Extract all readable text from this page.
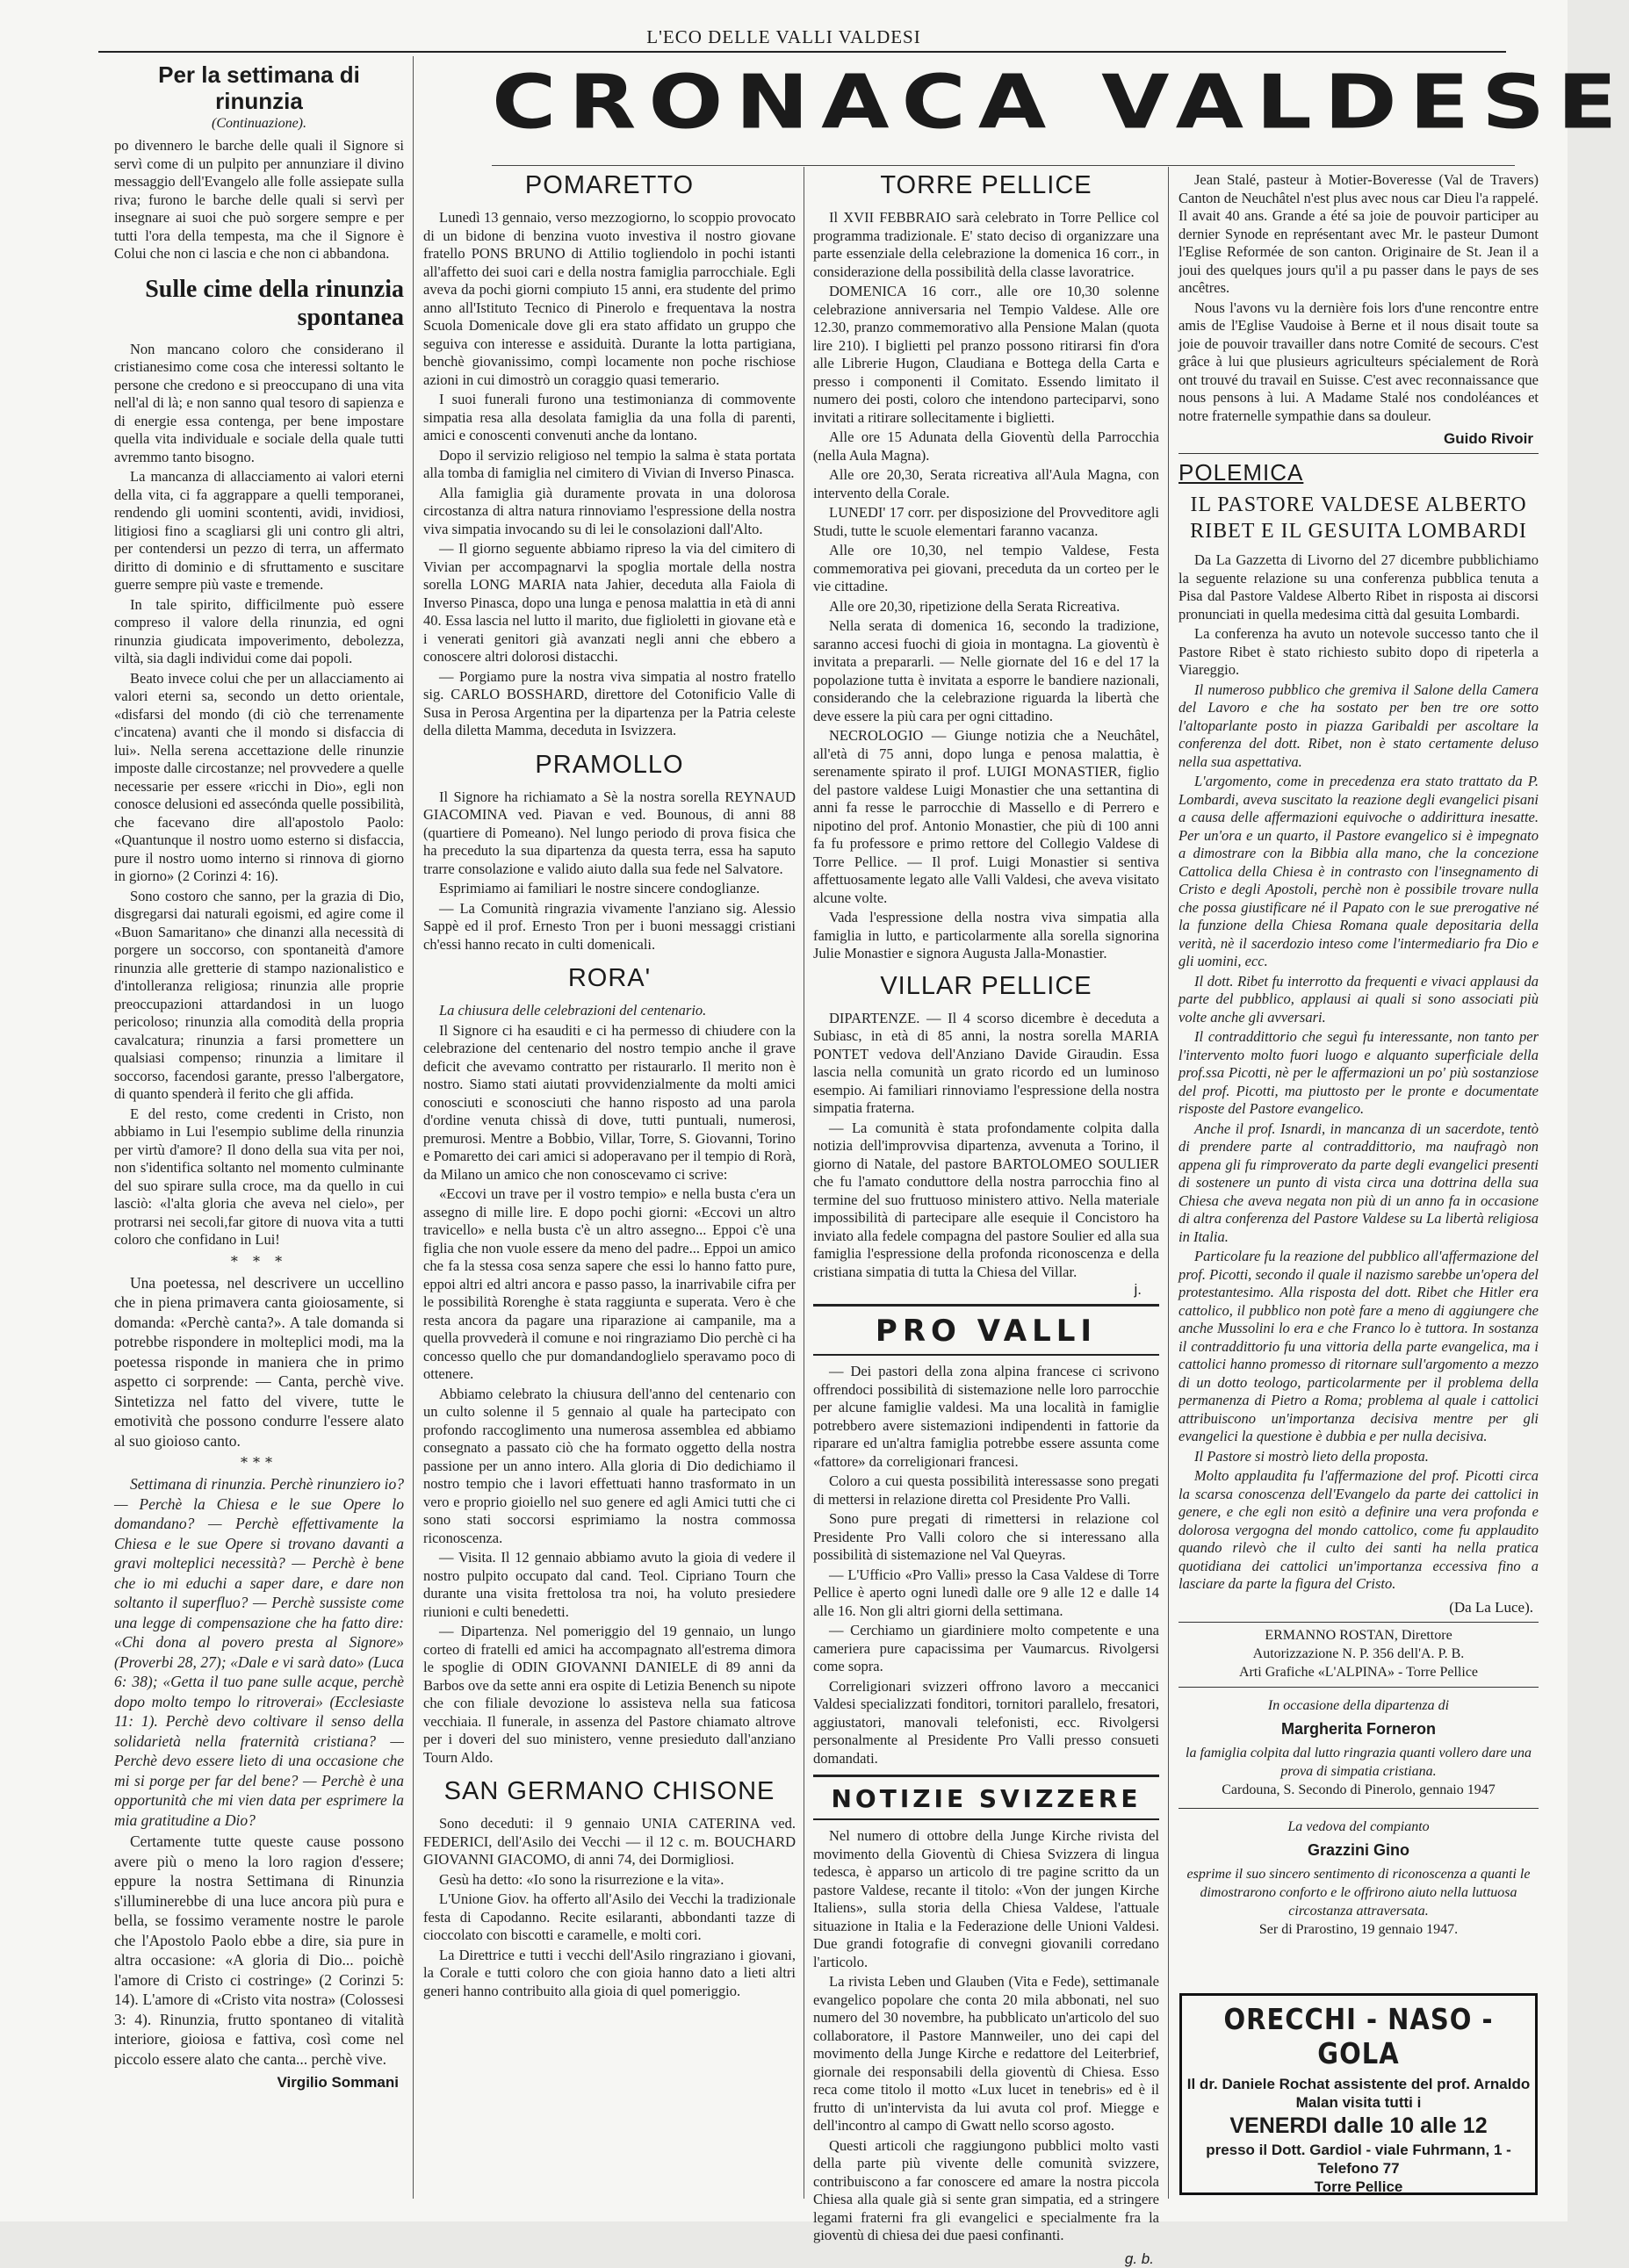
L'ECO DELLE VALLI VALDESI
CRONACA VALDESE
Per la settimana di rinunzia
(Continuazione).

po divennero le barche delle quali il Signore si servì come di un pulpito per annunziare il divino messaggio dell'Evangelo alle folle assiepate sulla riva; furono le barche delle quali si servì per insegnare ai suoi che può sorgere sempre e per tutti l'ora della tempesta, ma che il Signore è Colui che non ci lascia e che non ci abbandona.

Sulle cime della rinunzia spontanea

Non mancano coloro che considerano il cristianesimo come cosa che interessi soltanto le persone che credono e si preoccupano di una vita nell'al di là; e non sanno qual tesoro di sapienza e di energie essa contenga, per bene impostare quella vita individuale e sociale della quale tutti avremmo tanto bisogno.

La mancanza di allacciamento ai valori eterni della vita, ci fa aggrappare a quelli temporanei, rendendo gli uomini scontenti, avidi, invidiosi, litigiosi fino a scagliarsi gli uni contro gli altri, per contendersi un pezzo di terra, un affermato diritto di dominio e di sfruttamento e suscitare guerre sempre più vaste e tremende.

In tale spirito, difficilmente può essere compreso il valore della rinunzia, ed ogni rinunzia giudicata impoverimento, debolezza, viltà, sia dagli individui come dai popoli.

Beato invece colui che per un allacciamento ai valori eterni sa, secondo un detto orientale, «disfarsi del mondo (di ciò che terrenamente c'incatena) avanti che il mondo si disfaccia di lui». Nella serena accettazione delle rinunzie imposte dalle circostanze; nel provvedere a quelle necessarie per essere «ricchi in Dio», egli non conosce delusioni ed assecónda quelle possibilità, che facevano dire all'apostolo Paolo: «Quantunque il nostro uomo esterno si disfaccia, pure il nostro uomo interno si rinnova di giorno in giorno» (2 Corinzi 4: 16).

Sono costoro che sanno, per la grazia di Dio, disgregarsi dai naturali egoismi, ed agire come il «Buon Samaritano» che dinanzi alla necessità di porgere un soccorso, con spontaneità d'amore rinunzia alle gretterie di stampo nazionalistico e d'intolleranza religiosa; rinunzia alle proprie preoccupazioni attardandosi in un luogo pericoloso; rinunzia alla comodità della propria cavalcatura; rinunzia a farsi promettere un qualsiasi compenso; rinunzia a limitare il soccorso, facendosi garante, presso l'albergatore, di quanto spenderà il ferito che gli affida.

E del resto, come credenti in Cristo, non abbiamo in Lui l'esempio sublime della rinunzia per virtù d'amore? Il dono della sua vita per noi, non s'identifica soltanto nel momento culminante del suo spirare sulla croce, ma da quello in cui lasciò: «l'alta gloria che aveva nel cielo», per protrarsi nei secoli,far gitore di nuova vita a tutti coloro che confidano in Lui!

* * *

Una poetessa, nel descrivere un uccellino che in piena primavera canta gioiosamente, si domanda: «Perchè canta?». A tale domanda si potrebbe rispondere in molteplici modi, ma la poetessa risponde in maniera che in primo aspetto ci sorprende: — Canta, perchè vive. Sintetizza nel fatto del vivere, tutte le emotività che possono condurre l'essere alato al suo gioioso canto.

***

Settimana di rinunzia. Perchè rinunziero io? — Perchè la Chiesa e le sue Opere lo domandano? — Perchè effettivamente la Chiesa e le sue Opere si trovano davanti a gravi molteplici necessità? — Perchè è bene che io mi educhi a saper dare, e dare non soltanto il superfluo? — Perchè sussiste come una legge di compensazione che ha fatto dire: «Chi dona al povero presta al Signore» (Proverbi 28, 27); «Dale e vi sarà dato» (Luca 6: 38); «Getta il tuo pane sulle acque, perchè dopo molto tempo lo ritroverai» (Ecclesiaste 11: 1). Perchè devo coltivare il senso della solidarietà nella fraternità cristiana? — Perchè devo essere lieto di una occasione che mi si porge per far del bene? — Perchè è una opportunità che mi vien data per esprimere la mia gratitudine a Dio?

Certamente tutte queste cause possono avere più o meno la loro ragion d'essere; eppure la nostra Settimana di Rinunzia s'illuminerebbe di una luce ancora più pura e bella, se fossimo veramente nostre le parole che l'Apostolo Paolo ebbe a dire, sia pure in altra occasione: «A gloria di Dio... poichè l'amore di Cristo ci costringe» (2 Corinzi 5: 14). L'amore di «Cristo vita nostra» (Colossesi 3: 4). Rinunzia, frutto spontaneo di vitalità interiore, gioiosa e fattiva, così come nel piccolo essere alato che canta... perchè vive.

Virgilio Sommani
POMARETTO

Lunedì 13 gennaio, verso mezzogiorno, lo scoppio provocato di un bidone di benzina vuoto investiva il nostro giovane fratello PONS BRUNO di Attilio togliendolo in pochi istanti all'affetto dei suoi cari e della nostra famiglia parrocchiale. Egli aveva da pochi giorni compiuto 15 anni, era studente del primo anno all'Istituto Tecnico di Pinerolo e frequentava la nostra Scuola Domenicale dove gli era stato affidato un gruppo che seguiva con interesse e assiduità. Durante la lotta partigiana, benchè giovanissimo, compì locamente non poche rischiose azioni in cui dimostrò un coraggio quasi temerario.

I suoi funerali furono una testimonianza di commovente simpatia resa alla desolata famiglia da una folla di parenti, amici e conoscenti convenuti anche da lontano.

Dopo il servizio religioso nel tempio la salma è stata portata alla tomba di famiglia nel cimitero di Vivian di Inverso Pinasca.

Alla famiglia già duramente provata in una dolorosa circostanza di altra natura rinnoviamo l'espressione della nostra viva simpatia invocando su di lei le consolazioni dall'Alto.

— Il giorno seguente abbiamo ripreso la via del cimitero di Vivian per accompagnarvi la spoglia mortale della nostra sorella LONG MARIA nata Jahier, deceduta alla Faiola di Inverso Pinasca, dopo una lunga e penosa malattia in età di anni 40. Essa lascia nel lutto il marito, due figlioletti in giovane età e i venerati genitori già avanzati negli anni che ebbero a conoscere altri dolorosi distacchi.

— Porgiamo pure la nostra viva simpatia al nostro fratello sig. CARLO BOSSHARD, direttore del Cotonificio Valle di Susa in Perosa Argentina per la dipartenza per la Patria celeste della diletta Mamma, deceduta in Isvizzera.

PRAMOLLO

Il Signore ha richiamato a Sè la nostra sorella REYNAUD GIACOMINA ved. Piavan e ved. Bounous, di anni 88 (quartiere di Pomeano). Nel lungo periodo di prova fisica che ha preceduto la sua dipartenza da questa terra, essa ha saputo trarre consolazione e valido aiuto dalla sua fede nel Salvatore.

Esprimiamo ai familiari le nostre sincere condoglianze.

— La Comunità ringrazia vivamente l'anziano sig. Alessio Sappè ed il prof. Ernesto Tron per i buoni messaggi cristiani ch'essi hanno recato in culti domenicali.

RORA'

La chiusura delle celebrazioni del centenario.

Il Signore ci ha esauditi e ci ha permesso di chiudere con la celebrazione del centenario del nostro tempio anche il grave deficit che avevamo contratto per ristaurarlo. Il merito non è nostro. Siamo stati aiutati provvidenzialmente da molti amici conosciuti e sconosciuti che hanno risposto ad una parola d'ordine venuta chissà di dove, tutti puntuali, numerosi, premurosi. Mentre a Bobbio, Villar, Torre, S. Giovanni, Torino e Pomaretto dei cari amici si adoperavano per il tempio di Rorà, da Milano un amico che non conoscevamo ci scrive:

«Eccovi un trave per il vostro tempio» e nella busta c'era un assegno di mille lire. E dopo pochi giorni: «Eccovi un altro travicello» e nella busta c'è un altro assegno... Eppoi c'è una figlia che non vuole essere da meno del padre... Eppoi un amico che fa la stessa cosa senza sapere che essi lo hanno fatto pure, eppoi altri ed altri ancora e passo passo, la inarrivabile cifra per le possibilità Rorenghe è stata raggiunta e superata. Vero è che resta ancora da pagare una riparazione ai campanile, ma a quella provvederà il comune e noi ringraziamo Dio perchè ci ha concesso quello che pur domandandoglielo speravamo poco di ottenere.

Abbiamo celebrato la chiusura dell'anno del centenario con un culto solenne il 5 gennaio al quale ha partecipato con profondo raccoglimento una numerosa assemblea ed abbiamo consegnato a passato ciò che ha formato oggetto della nostra passione per un anno intero. Alla gloria di Dio dedichiamo il nostro tempio che i lavori effettuati hanno trasformato in un vero e proprio gioiello nel suo genere ed agli Amici tutti che ci sono stati soccorsi esprimiamo la nostra commossa riconoscenza.

— Visita. Il 12 gennaio abbiamo avuto la gioia di vedere il nostro pulpito occupato dal cand. Teol. Cipriano Tourn che durante una visita frettolosa tra noi, ha voluto presiedere riunioni e culti benedetti.

— Dipartenza. Nel pomeriggio del 19 gennaio, un lungo corteo di fratelli ed amici ha accompagnato all'estrema dimora le spoglie di ODIN GIOVANNI DANIELE di 89 anni da Barbos ove da sette anni era ospite di Letizia Benench su nipote che con filiale devozione lo assisteva nella sua faticosa vecchiaia. Il funerale, in assenza del Pastore chiamato altrove per i doveri del suo ministero, venne presieduto dall'anziano Tourn Aldo.

SAN GERMANO CHISONE

Sono deceduti: il 9 gennaio UNIA CATERINA ved. FEDERICI, dell'Asilo dei Vecchi — il 12 c. m. BOUCHARD GIOVANNI GIACOMO, di anni 74, dei Dormigliosi.

Gesù ha detto: «Io sono la risurrezione e la vita».

L'Unione Giov. ha offerto all'Asilo dei Vecchi la tradizionale festa di Capodanno. Recite esilaranti, abbondanti tazze di cioccolato con biscotti e caramelle, e molti cori.

La Direttrice e tutti i vecchi dell'Asilo ringraziano i giovani, la Corale e tutti coloro che con gioia hanno dato a lieti altri generi hanno contribuito alla gioia di quel pomeriggio.

TORRE PELLICE

Il XVII FEBBRAIO sarà celebrato in Torre Pellice col programma tradizionale. E' stato deciso di organizzare una parte essenziale della celebrazione la domenica 16 corr., in considerazione della possibilità della classe lavoratrice.

DOMENICA 16 corr., alle ore 10,30 solenne celebrazione anniversaria nel Tempio Valdese. Alle ore 12.30, pranzo commemorativo alla Pensione Malan (quota lire 210). I biglietti pel pranzo possono ritirarsi fin d'ora alle Librerie Hugon, Claudiana e Bottega della Carta e presso i componenti il Comitato. Essendo limitato il numero dei posti, coloro che intendono parteciparvi, sono invitati a ritirare sollecitamente i biglietti.

Alle ore 15 Adunata della Gioventù della Parrocchia (nella Aula Magna).

Alle ore 20,30, Serata ricreativa all'Aula Magna, con intervento della Corale.

LUNEDI' 17 corr. per disposizione del Provveditore agli Studi, tutte le scuole elementari faranno vacanza.

Alle ore 10,30, nel tempio Valdese, Festa commemorativa pei giovani, preceduta da un corteo per le vie cittadine.

Alle ore 20,30, ripetizione della Serata Ricreativa.

Nella serata di domenica 16, secondo la tradizione, saranno accesi fuochi di gioia in montagna. La gioventù è invitata a prepararli. — Nelle giornate del 16 e del 17 la popolazione tutta è invitata a esporre le bandiere nazionali, considerando che la celebrazione riguarda la libertà che deve essere la più cara per ogni cittadino.

NECROLOGIO — Giunge notizia che a Neuchâtel, all'età di 75 anni, dopo lunga e penosa malattia, è serenamente spirato il prof. LUIGI MONASTIER, figlio del pastore valdese Luigi Monastier che una settantina di anni fa resse le parrocchie di Massello e di Perrero e nipotino del prof. Antonio Monastier, che più di 100 anni fa fu professore e primo rettore del Collegio Valdese di Torre Pellice. — Il prof. Luigi Monastier si sentiva affettuosamente legato alle Valli Valdesi, che aveva visitato alcune volte.

Vada l'espressione della nostra viva simpatia alla famiglia in lutto, e particolarmente alla sorella signorina Julie Monastier e signora Augusta Jalla-Monastier.

VILLAR PELLICE

DIPARTENZE. — Il 4 scorso dicembre è deceduta a Subiasc, in età di 85 anni, la nostra sorella MARIA PONTET vedova dell'Anziano Davide Giraudin. Essa lascia nella comunità un grato ricordo ed un luminoso esempio. Ai familiari rinnoviamo l'espressione della nostra simpatia fraterna.

— La comunità è stata profondamente colpita dalla notizia dell'improvvisa dipartenza, avvenuta a Torino, il giorno di Natale, del pastore BARTOLOMEO SOULIER che fu l'amato conduttore della nostra parrocchia fino al termine del suo fruttuoso ministero attivo. Nella materiale impossibilità di partecipare alle esequie il Concistoro ha inviato alla fedele compagna del pastore Soulier ed alla sua famiglia l'espressione della profonda riconoscenza e della cristiana simpatia di tutta la Chiesa del Villar.

j.
PRO VALLI

— Dei pastori della zona alpina francese ci scrivono offrendoci possibilità di sistemazione nelle loro parrocchie per alcune famiglie valdesi. Ma una località in famiglie potrebbero avere sistemazioni indipendenti in fattorie da riparare ed un'altra famiglia potrebbe essere assunta come «fattore» da correligionari francesi.

Coloro a cui questa possibilità interessasse sono pregati di mettersi in relazione diretta col Presidente Pro Valli.

Sono pure pregati di rimettersi in relazione col Presidente Pro Valli coloro che si interessano alla possibilità di sistemazione nel Val Queyras.

— L'Ufficio «Pro Valli» presso la Casa Valdese di Torre Pellice è aperto ogni lunedì dalle ore 9 alle 12 e dalle 14 alle 16. Non gli altri giorni della settimana.

— Cerchiamo un giardiniere molto competente e una cameriera pure capacissima per Vaumarcus. Rivolgersi come sopra.

Correligionari svizzeri offrono lavoro a meccanici Valdesi specializzati fonditori, tornitori parallelo, fresatori, aggiustatori, manovali telefonisti, ecc. Rivolgersi personalmente al Presidente Pro Valli presso consueti domandati.

NOTIZIE SVIZZERE

Nel numero di ottobre della Junge Kirche rivista del movimento della Gioventù di Chiesa Svizzera di lingua tedesca, è apparso un articolo di tre pagine scritto da un pastore Valdese, recante il titolo: «Von der jungen Kirche Italiens», sulla storia della Chiesa Valdese, l'attuale situazione in Italia e la Federazione delle Unioni Valdesi. Due grandi fotografie di convegni giovanili corredano l'articolo.

La rivista Leben und Glauben (Vita e Fede), settimanale evangelico popolare che conta 20 mila abbonati, nel suo numero del 30 novembre, ha pubblicato un'articolo del suo collaboratore, il Pastore Mannweiler, uno dei capi del movimento della Junge Kirche e redattore del Leiterbrief, giornale dei responsabili della gioventù di Chiesa. Esso reca come titolo il motto «Lux lucet in tenebris» ed è il frutto di un'intervista da lui avuta col prof. Miegge e dell'incontro al campo di Gwatt nello scorso agosto.

Questi articoli che raggiungono pubblici molto vasti della parte più vivente delle comunità svizzere, contribuiscono a far conoscere ed amare la nostra piccola Chiesa alla quale già si sente gran simpatia, ed a stringere legami fraterni fra gli evangelici e specialmente fra la gioventù di chiesa dei due paesi confinanti.

g. b.

Jean Stalé, pasteur à Motier-Boveresse (Val de Travers) Canton de Neuchâtel n'est plus avec nous car Dieu l'a rappelé. Il avait 40 ans. Grande a été sa joie de pouvoir participer au dernier Synode en représentant avec Mr. le pasteur Dumont l'Eglise Reformée de son canton. Originaire de St. Jean il a joui des quelques jours qu'il a pu passer dans le pays de ses ancêtres.

Nous l'avons vu la dernière fois lors d'une rencontre entre amis de l'Eglise Vaudoise à Berne et il nous disait toute sa joie de pouvoir travailler dans notre Comité de secours. C'est grâce à lui que plusieurs agriculteurs spécialement de Rorà ont trouvé du travail en Suisse. C'est avec reconnaissance que nous pensons à lui. A Madame Stalé nos condoléances et notre fraternelle sympathie dans sa douleur.

Guido Rivoir
POLEMICA
IL PASTORE VALDESE ALBERTO RIBET E IL GESUITA LOMBARDI

Da La Gazzetta di Livorno del 27 dicembre pubblichiamo la seguente relazione su una conferenza pubblica tenuta a Pisa dal Pastore Valdese Alberto Ribet in risposta ai discorsi pronunciati in quella medesima città dal gesuita Lombardi.

La conferenza ha avuto un notevole successo tanto che il Pastore Ribet è stato richiesto subito dopo di ripeterla a Viareggio.

Il numeroso pubblico che gremiva il Salone della Camera del Lavoro e che ha sostato per ben tre ore sotto l'altoparlante posto in piazza Garibaldi per ascoltare la conferenza del dott. Ribet, non è stato certamente deluso nella sua aspettativa.

L'argomento, come in precedenza era stato trattato da P. Lombardi, aveva suscitato la reazione degli evangelici pisani a causa delle affermazioni equivoche o addirittura inesatte. Per un'ora e un quarto, il Pastore evangelico si è impegnato a dimostrare con la Bibbia alla mano, che la concezione Cattolica della Chiesa è in contrasto con l'insegnamento di Cristo e degli Apostoli, perchè non è possibile trovare nulla che possa giustificare né il Papato con le sue prerogative né la funzione della Chiesa Romana quale depositaria della verità, nè il sacerdozio inteso come l'intermediario fra Dio e gli uomini, ecc.

Il dott. Ribet fu interrotto da frequenti e vivaci applausi da parte del pubblico, applausi ai quali si sono associati più volte anche gli avversari.

Il contraddittorio che seguì fu interessante, non tanto per l'intervento molto fuori luogo e alquanto superficiale della prof.ssa Picotti, nè per le affermazioni un po' più sostanziose del prof. Picotti, ma piuttosto per le pronte e documentate risposte del Pastore evangelico.

Anche il prof. Isnardi, in mancanza di un sacerdote, tentò di prendere parte al contraddittorio, ma naufragò non appena gli fu rimproverato da parte degli evangelici presenti di sostenere un punto di vista circa una dottrina della sua Chiesa che aveva negata non più di un anno fa in occasione di altra conferenza del Pastore Valdese su La libertà religiosa in Italia.

Particolare fu la reazione del pubblico all'affermazione del prof. Picotti, secondo il quale il nazismo sarebbe un'opera del protestantesimo. Alla risposta del dott. Ribet che Hitler era cattolico, il pubblico non potè fare a meno di aggiungere che anche Mussolini lo era e che Franco lo è tuttora. In sostanza il contraddittorio fu una vittoria della parte evangelica, ma i cattolici hanno promesso di ritornare sull'argomento a mezzo di un dotto teologo, particolarmente per il problema della permanenza di Pietro a Roma; problema al quale i cattolici attribuiscono un'importanza decisiva mentre per gli evangelici la questione è dubbia e per nulla decisiva.

Il Pastore si mostrò lieto della proposta.

Molto applaudita fu l'affermazione del prof. Picotti circa la scarsa conoscenza dell'Evangelo da parte dei cattolici in genere, e che egli non esitò a definire una vera profonda e dolorosa vergogna del mondo cattolico, come fu applaudito quando rilevò che il culto dei santi ha nella pratica quotidiana dei cattolici un'importanza eccessiva fino a lasciare da parte la figura del Cristo.

(Da La Luce).
ERMANNO ROSTAN, Direttore
Autorizzazione N. P. 356 dell'A. P. B.
Arti Grafiche «L'ALPINA» - Torre Pellice
In occasione della dipartenza di
Margherita Forneron
la famiglia colpita dal lutto ringrazia quanti vollero dare una prova di simpatia cristiana.
Cardouna, S. Secondo di Pinerolo, gennaio 1947
La vedova del compianto
Grazzini Gino
esprime il suo sincero sentimento di riconoscenza a quanti le dimostrarono conforto e le offrirono aiuto nella luttuosa circostanza attraversata.
Ser di Prarostino, 19 gennaio 1947.
ORECCHI - NASO - GOLA
Il dr. Daniele Rochat assistente del prof. Arnaldo Malan visita tutti i
VENERDI dalle 10 alle 12
presso il Dott. Gardiol - viale Fuhrmann, 1 - Telefono 77
Torre Pellice
